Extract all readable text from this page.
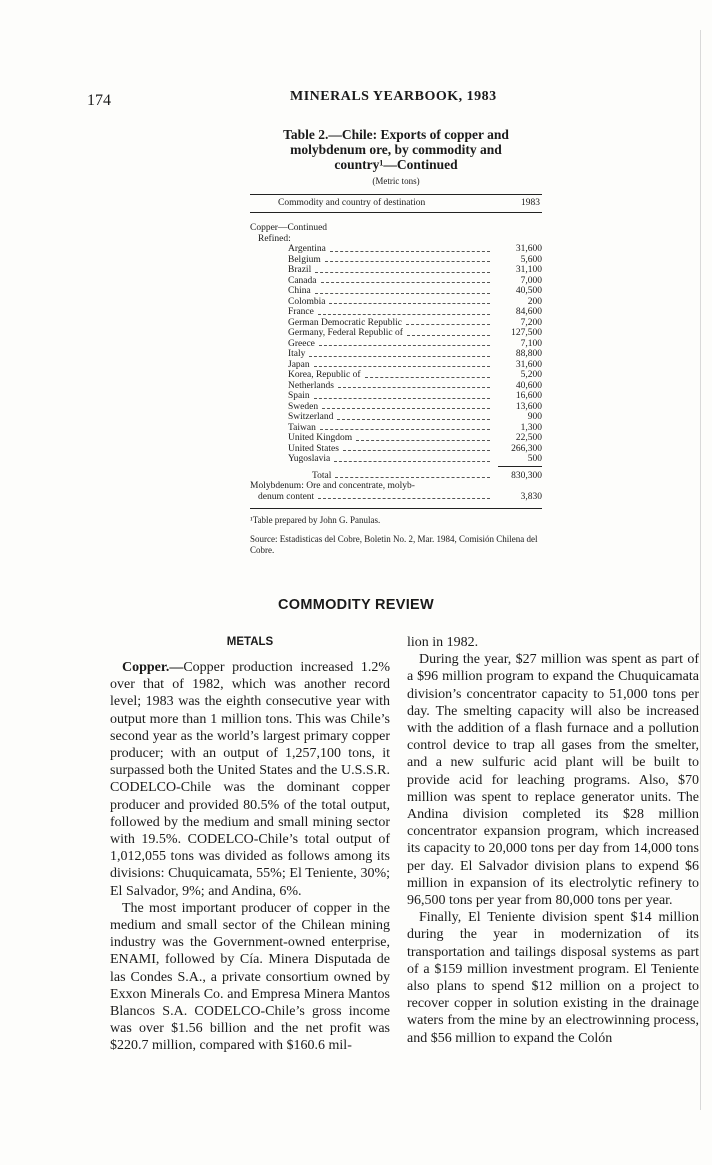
174	MINERALS YEARBOOK, 1983
Table 2.—Chile: Exports of copper and
molybdenum ore, by commodity and
country¹—Continued
(Metric tons)
Commodity and country of destination	1983
Copper—Continued
Refined:
Argentina	31,600
Belgium	5,600
Brazil	31,100
Canada	7,000
China	40,500
Colombia	200
France	84,600
German Democratic Republic	7,200
Germany, Federal Republic of	127,500
Greece	7,100
Italy	88,800
Japan	31,600
Korea, Republic of	5,200
Netherlands	40,600
Spain	16,600
Sweden	13,600
Switzerland	900
Taiwan	1,300
United Kingdom	22,500
United States	266,300
Yugoslavia	500
Total	830,300
Molybdenum: Ore and concentrate, molyb-
denum content	3,830
¹Table prepared by John G. Panulas.
Source: Estadisticas del Cobre, Boletin No. 2, Mar. 1984, Comisión Chilena del Cobre.
COMMODITY REVIEW
METALS

Copper.—Copper production increased 1.2% over that of 1982, which was another record level; 1983 was the eighth consecutive year with output more than 1 million tons. This was Chile’s second year as the world’s largest primary copper producer; with an output of 1,257,100 tons, it surpassed both the United States and the U.S.S.R. CODELCO-Chile was the dominant copper producer and provided 80.5% of the total output, followed by the medium and small mining sector with 19.5%. CODELCO-Chile’s total output of 1,012,055 tons was divided as follows among its divisions: Chuquicamata, 55%; El Teniente, 30%; El Salvador, 9%; and Andina, 6%.

The most important producer of copper in the medium and small sector of the Chilean mining industry was the Government-owned enterprise, ENAMI, followed by Cía. Minera Disputada de las Condes S.A., a private consortium owned by Exxon Minerals Co. and Empresa Minera Mantos Blancos S.A. CODELCO-Chile’s gross income was over $1.56 billion and the net profit was $220.7 million, compared with $160.6 mil-

lion in 1982.

During the year, $27 million was spent as part of a $96 million program to expand the Chuquicamata division’s concentrator capacity to 51,000 tons per day. The smelting capacity will also be increased with the addition of a flash furnace and a pollution control device to trap all gases from the smelter, and a new sulfuric acid plant will be built to provide acid for leaching programs. Also, $70 million was spent to replace generator units. The Andina division completed its $28 million concentrator expansion program, which increased its capacity to 20,000 tons per day from 14,000 tons per day. El Salvador division plans to expend $6 million in expansion of its electrolytic refinery to 96,500 tons per year from 80,000 tons per year.

Finally, El Teniente division spent $14 million during the year in modernization of its transportation and tailings disposal systems as part of a $159 million investment program. El Teniente also plans to spend $12 million on a project to recover copper in solution existing in the drainage waters from the mine by an electrowinning process, and $56 million to expand the Colón
